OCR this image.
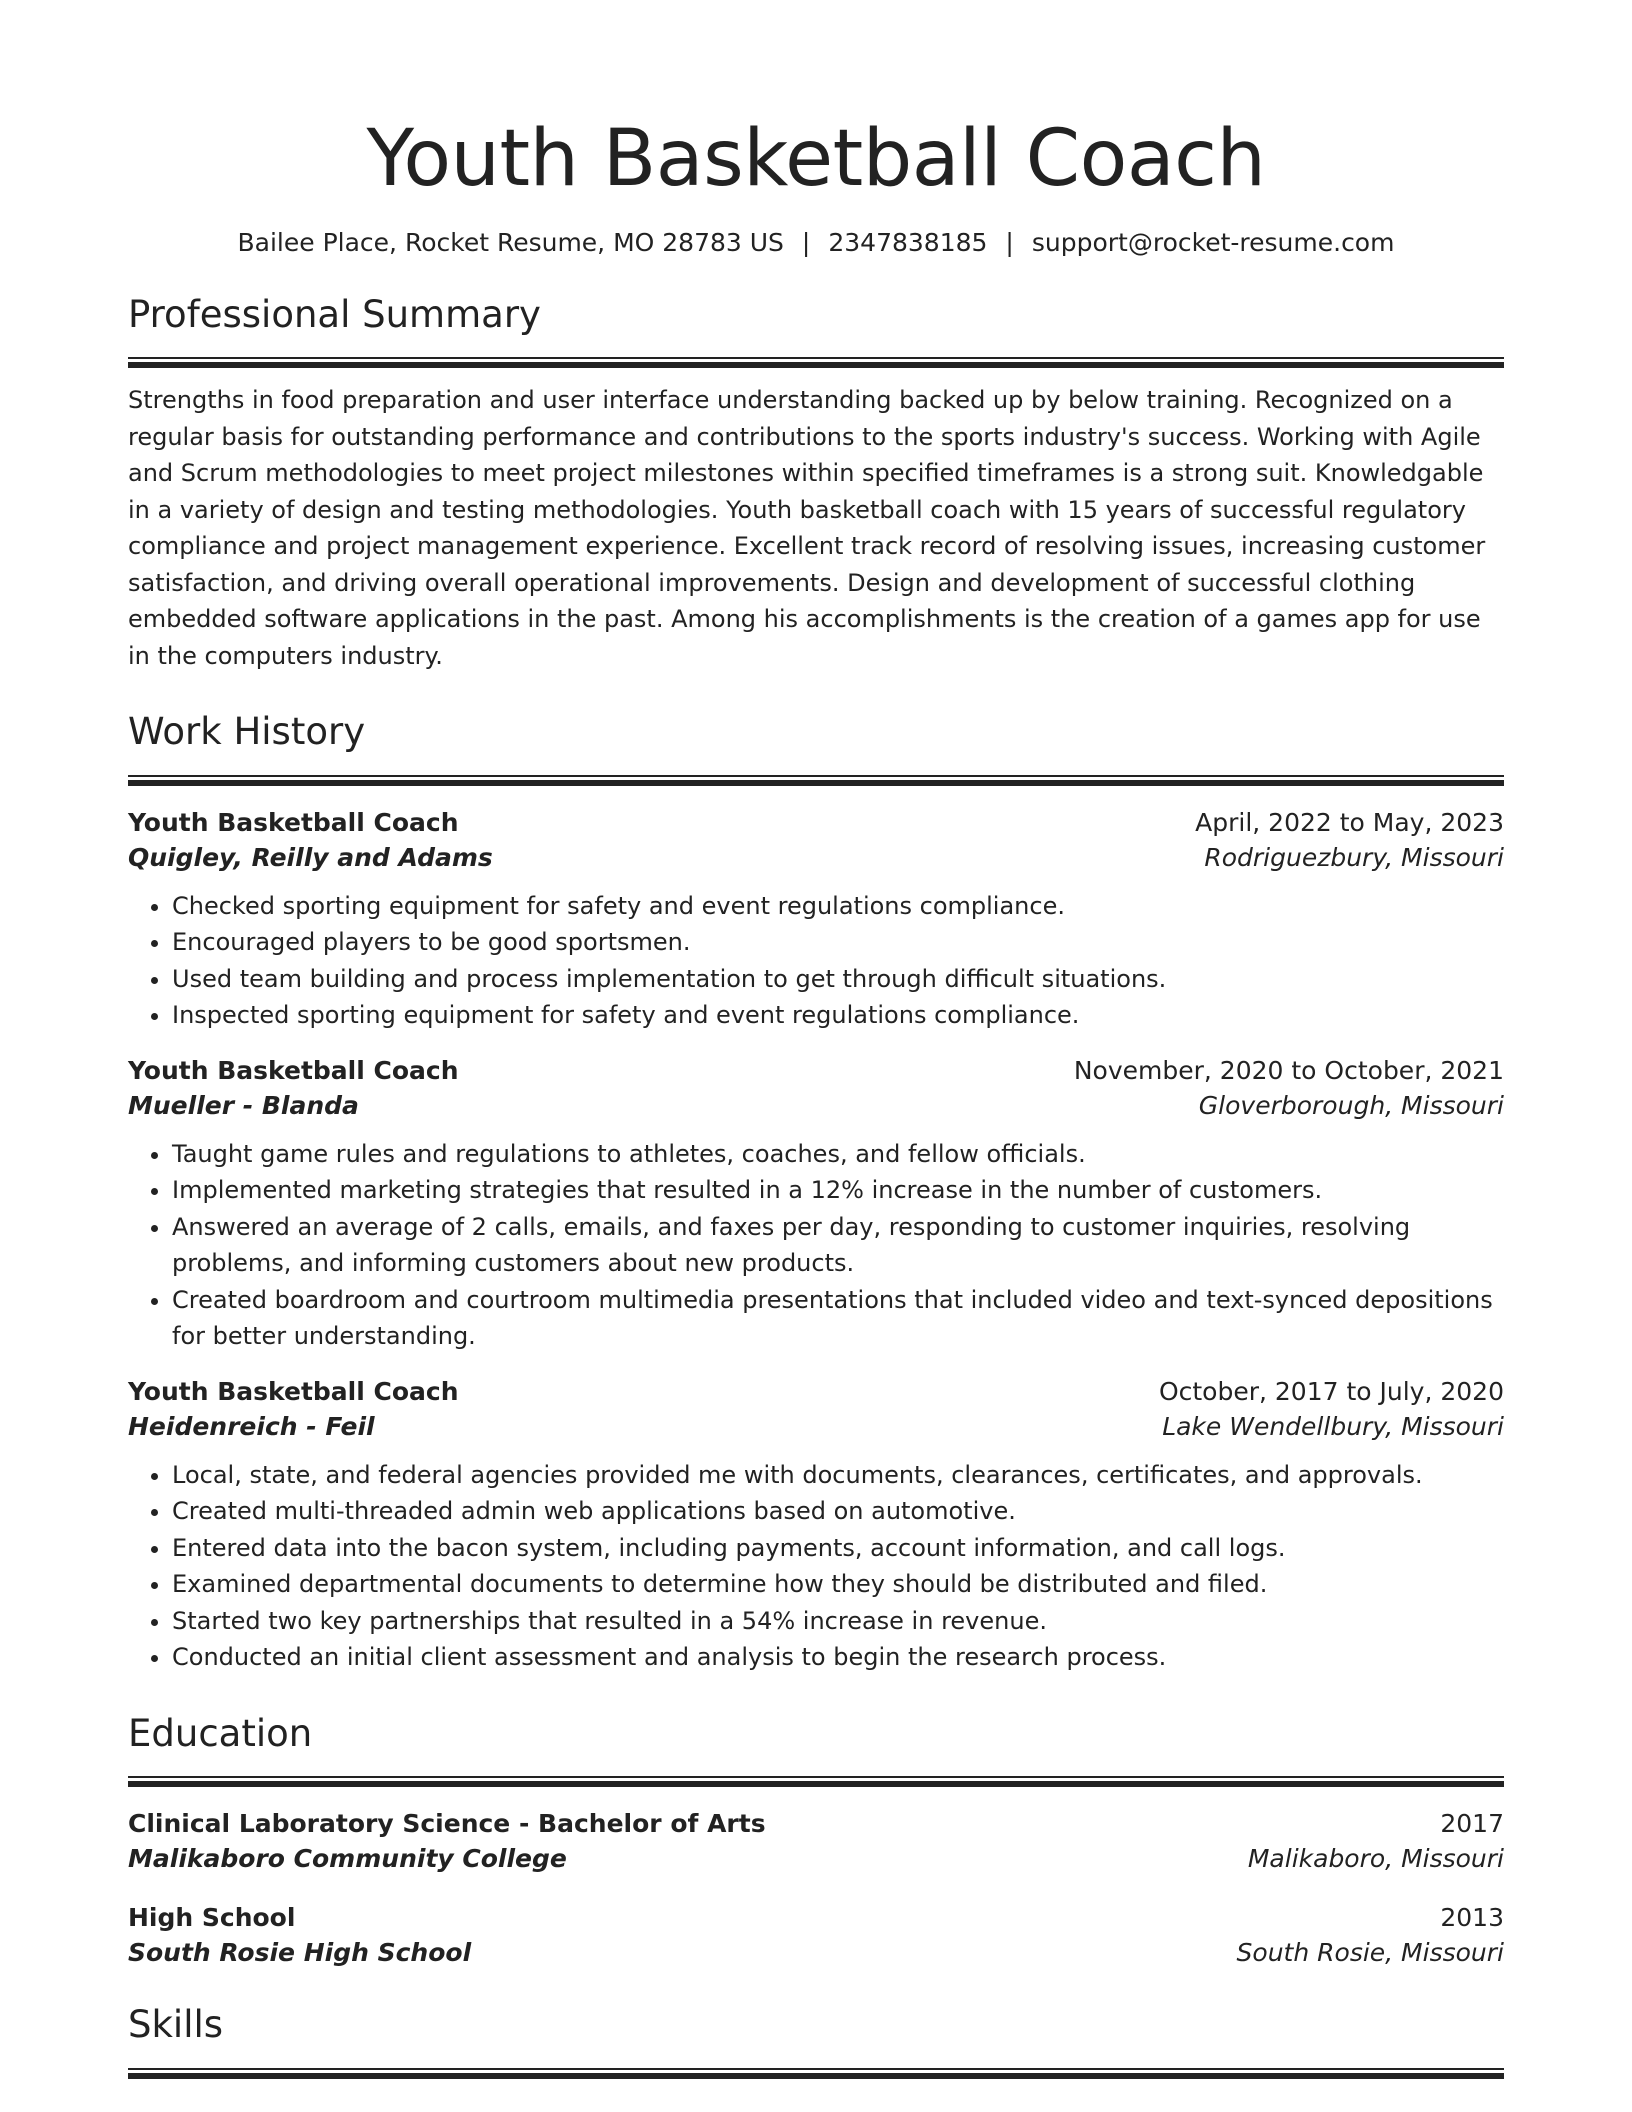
Youth Basketball Coach
Bailee Place, Rocket Resume, MO 28783 US | 2347838185 | support@rocket-resume.com
Professional Summary

Strengths in food preparation and user interface understanding backed up by below training. Recognized on a regular basis for outstanding performance and contributions to the sports industry's success. Working with Agile and Scrum methodologies to meet project milestones within specified timeframes is a strong suit. Knowledgable in a variety of design and testing methodologies. Youth basketball coach with 15 years of successful regulatory compliance and project management experience. Excellent track record of resolving issues, increasing customer satisfaction, and driving overall operational improvements. Design and development of successful clothing embedded software applications in the past. Among his accomplishments is the creation of a games app for use in the computers industry.

Work History
Youth Basketball Coach	April, 2022 to May, 2023
Quigley, Reilly and Adams	Rodriguezbury, Missouri
• Checked sporting equipment for safety and event regulations compliance.
• Encouraged players to be good sportsmen.
• Used team building and process implementation to get through difficult situations.
• Inspected sporting equipment for safety and event regulations compliance.
Youth Basketball Coach	November, 2020 to October, 2021
Mueller - Blanda	Gloverborough, Missouri
• Taught game rules and regulations to athletes, coaches, and fellow officials.
• Implemented marketing strategies that resulted in a 12% increase in the number of customers.
• Answered an average of 2 calls, emails, and faxes per day, responding to customer inquiries, resolving problems, and informing customers about new products.
• Created boardroom and courtroom multimedia presentations that included video and text-synced depositions for better understanding.
Youth Basketball Coach	October, 2017 to July, 2020
Heidenreich - Feil	Lake Wendellbury, Missouri
• Local, state, and federal agencies provided me with documents, clearances, certificates, and approvals.
• Created multi-threaded admin web applications based on automotive.
• Entered data into the bacon system, including payments, account information, and call logs.
• Examined departmental documents to determine how they should be distributed and filed.
• Started two key partnerships that resulted in a 54% increase in revenue.
• Conducted an initial client assessment and analysis to begin the research process.
Education
Clinical Laboratory Science - Bachelor of Arts	2017
Malikaboro Community College	Malikaboro, Missouri
High School	2013
South Rosie High School	South Rosie, Missouri
Skills
